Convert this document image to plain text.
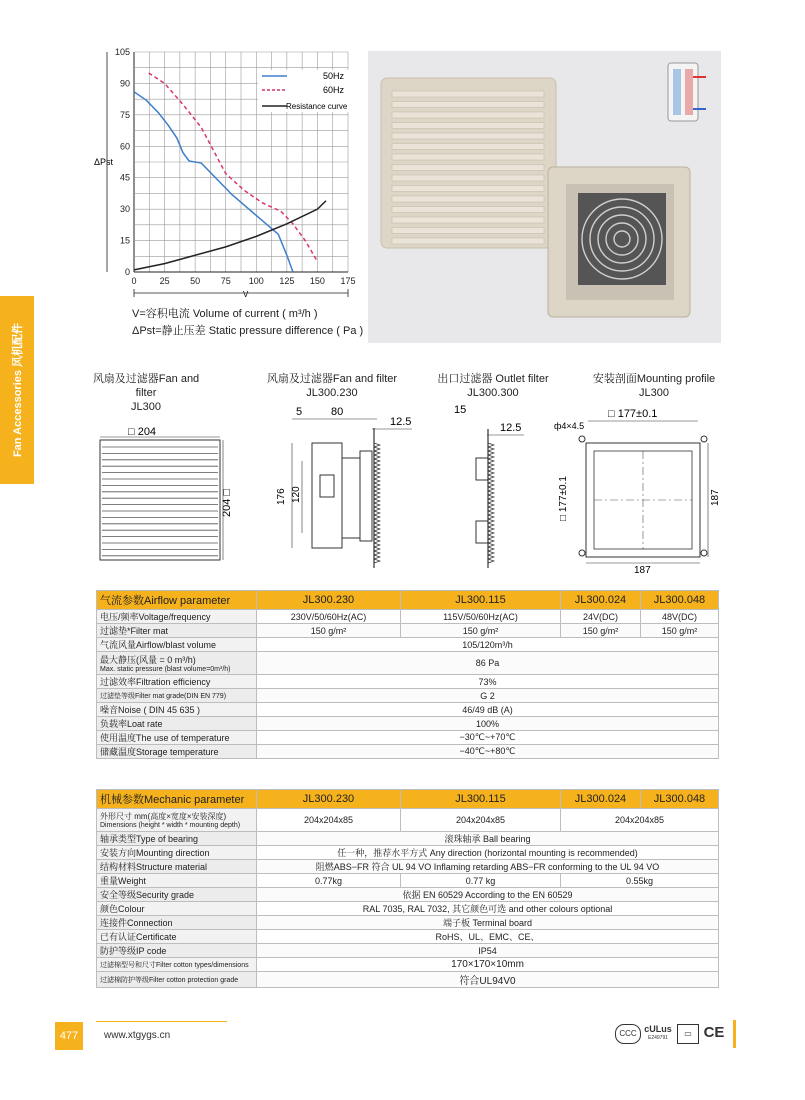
Fan Accessories 风机配件
0	25 50 75 100 125 150 175
0
15
30
45
60
75
90
105
50Hz
60Hz
Resistance curve
ΔPst
V
V=容积电流 Volume of current ( m³/h )
ΔPst=静止压差 Static pressure difference ( Pa )
风扇及过滤器Fan and filter
JL300
风扇及过滤器Fan and filter
JL300.230
出口过滤器 Outlet filter
JL300.300
安装剖面Mounting profile
JL300
□ 204
204 □
5	80
12.5
176 120
15
12.5	ф4×4.5
□ 177±0.1
□ 177±0.1	187
187
气流参数Airflow parameter	JL300.230	JL300.115	JL300.024	JL300.048
电压/频率Voltage/frequency	230V/50/60Hz(AC)	115V/50/60Hz(AC)	24V(DC)	48V(DC)
过滤垫*Filter mat	150 g/m²	150 g/m²	150 g/m²	150 g/m²
气流风量Airflow/blast volume	105/120m³/h			

最大静压(风量 = 0 m³/h)
Max. static pressure (blast volume=0m³/h)	86 Pa			
过滤效率Filtration efficiency	73%			
过滤垫等级Filter mat grade(DIN EN 779)	G 2			
噪音Noise ( DIN 45 635 )	46/49 dB (A)			
负载率Loat rate	100%			
使用温度The use of temperature	−30℃~+70℃			
储藏温度Storage temperature	−40℃~+80℃			
机械参数Mechanic parameter	JL300.230	JL300.115	JL300.024	JL300.048

外形尺寸 mm(高度×宽度×安装深度)
Dimensions (height * width * mounting depth)	204x204x85	204x204x85	204x204x85	
轴承类型Type of bearing	滚珠轴承 Ball bearing			
安装方向Mounting direction	任一种，推荐水平方式 Any direction (horizontal mounting is recommended)			
结构材料Structure material	阻燃ABS−FR 符合 UL 94 VO Inflaming retarding ABS−FR conforming to the UL 94 VO			
重量Weight	0.77kg	0.77 kg	0.55kg	
安全等级Security grade	依据 EN 60529 According to the EN 60529			
颜色Colour	RAL 7035, RAL 7032, 其它颜色可选 and other colours optional			
连接件Connection	端子板 Terminal board			
已有认证Certificate	RoHS、UL、EMC、CE、			
防护等级IP code	IP54			
过滤棉型号和尺寸Filter cotton types/dimensions	170×170×10mm			
过滤棉防护等级Filter cotton protection grade	符合UL94V0			
477	www.xtgygs.cn	CCC cULus
E249791	▭ CE
